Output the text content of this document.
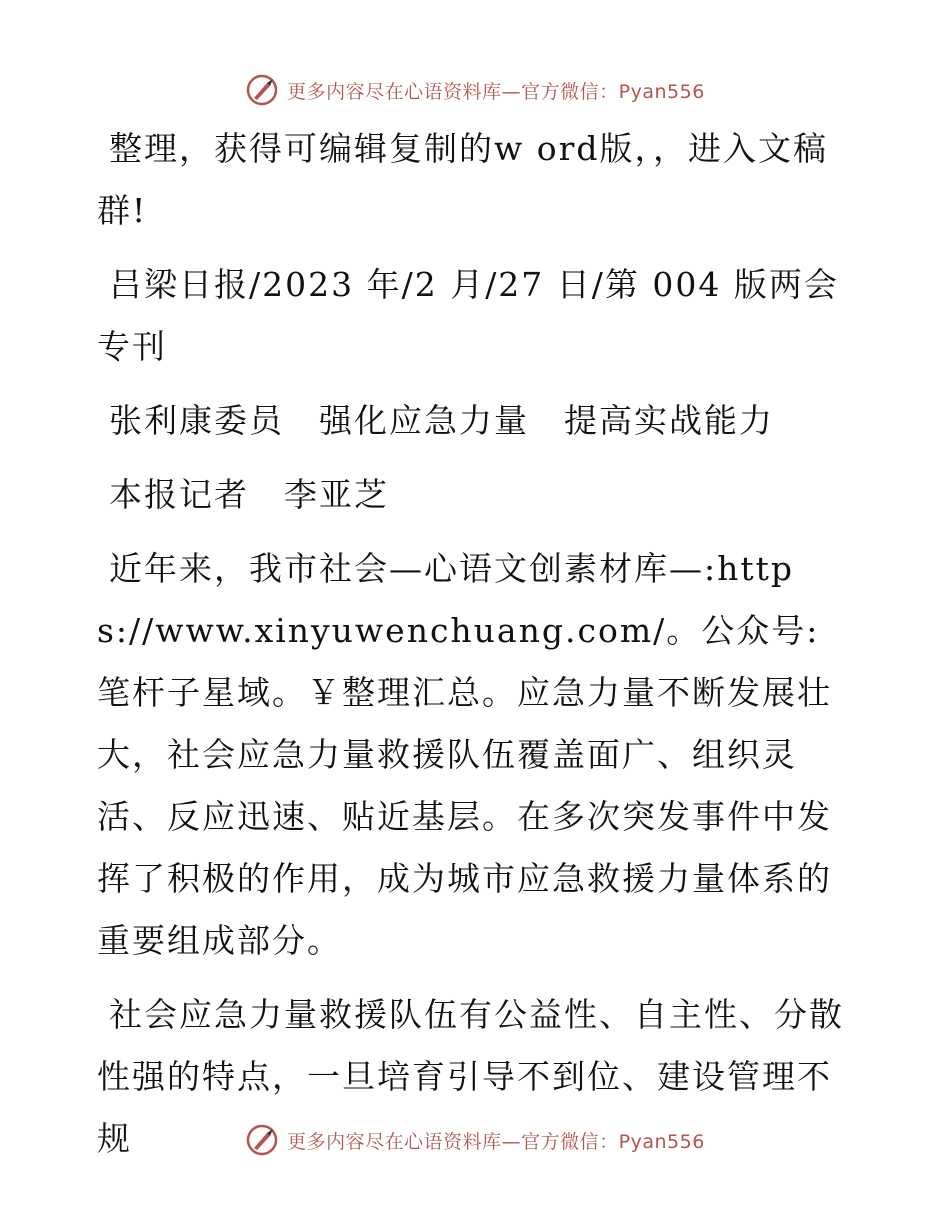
更多内容尽在心语资料库—官方微信：Pyan556

整理，获得可编辑复制的w ord版，，进入文稿群!

吕梁日报/2023 年/2 月/27 日/第 004 版两会专刊

张利康委员　强化应急力量　提高实战能力

本报记者　李亚芝

近年来，我市社会—心语文创素材库—:https://www.xinyuwenchuang.com/。公众号: 笔杆子星域。￥整理汇总。应急力量不断发展壮大，社会应急力量救援队伍覆盖面广、组织灵活、反应迅速、贴近基层。在多次突发事件中发挥了积极的作用，成为城市应急救援力量体系的重要组成部分。

社会应急力量救援队伍有公益性、自主性、分散性强的特点，一旦培育引导不到位、建设管理不规	更多内容尽在心语资料库—官方微信：Pyan556
